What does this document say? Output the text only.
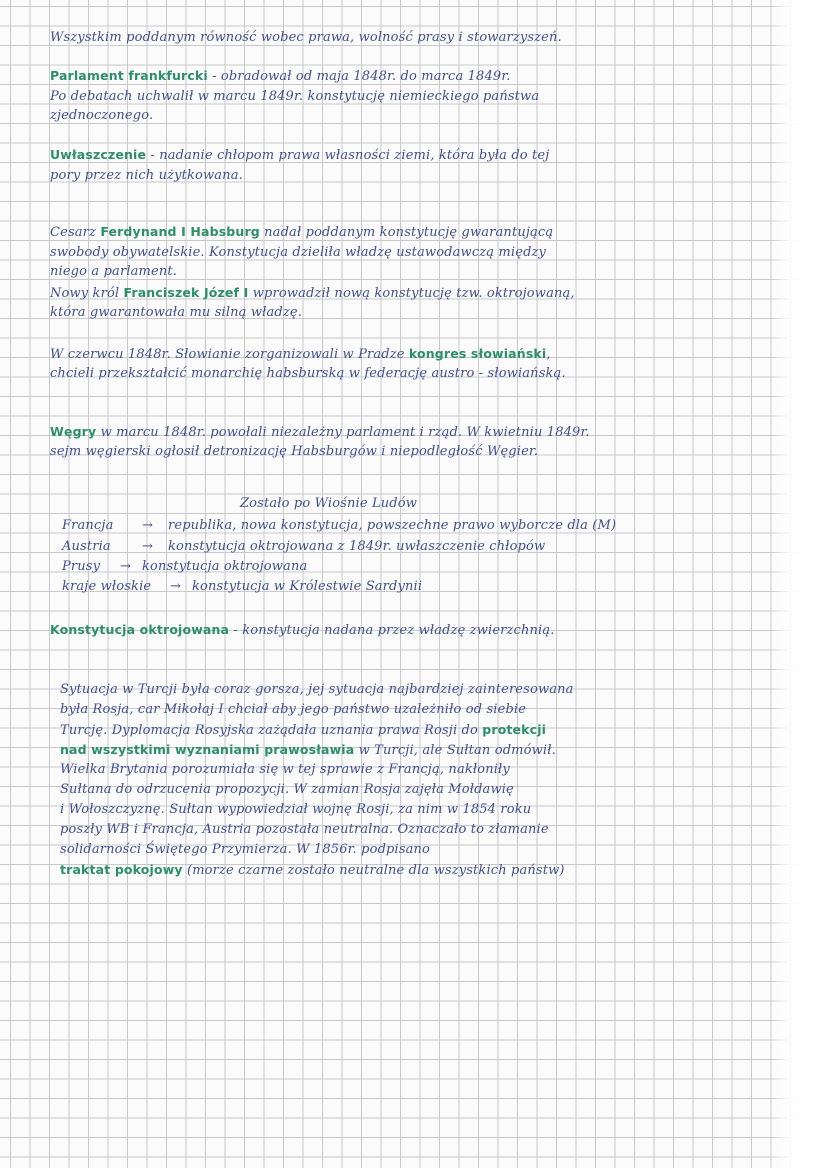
Wszystkim poddanym równość wobec prawa, wolność prasy i stowarzyszeń.
Parlament frankfurcki - obradował od maja 1848r. do marca 1849r.
Po debatach uchwalił w marcu 1849r. konstytucję niemieckiego państwa
zjednoczonego.
Uwłaszczenie - nadanie chłopom prawa własności ziemi, która była do tej
pory przez nich użytkowana.
Cesarz Ferdynand I Habsburg nadał poddanym konstytucję gwarantującą
swobody obywatelskie. Konstytucja dzieliła władzę ustawodawczą między
niego a parlament.
Nowy król Franciszek Józef I wprowadził nową konstytucję tzw. oktrojowaną,
która gwarantowała mu silną władzę.
W czerwcu 1848r. Słowianie zorganizowali w Pradze kongres słowiański,
chcieli przekształcić monarchię habsburską w federację austro - słowiańską.
Węgry w marcu 1848r. powołali niezależny parlament i rząd. W kwietniu 1849r.
sejm węgierski ogłosił detronizację Habsburgów i niepodległość Węgier.
Zostało po Wiośnie Ludów
Francja → republika, nowa konstytucja, powszechne prawo wyborcze dla (M)
Austria → konstytucja oktrojowana z 1849r. uwłaszczenie chłopów
Prusy → konstytucja oktrojowana
kraje włoskie → konstytucja w Królestwie Sardynii
Konstytucja oktrojowana - konstytucja nadana przez władzę zwierzchnią.
Sytuacja w Turcji była coraz gorsza, jej sytuacja najbardziej zainteresowana
była Rosja, car Mikołaj I chciał aby jego państwo uzależniło od siebie
Turcję. Dyplomacja Rosyjska zażądała uznania prawa Rosji do protekcji
nad wszystkimi wyznaniami prawosławia w Turcji, ale Sułtan odmówił.
Wielka Brytania porozumiała się w tej sprawie z Francją, nakłoniły
Sułtana do odrzucenia propozycji. W zamian Rosja zajęła Mołdawię
i Wołoszczyznę. Sułtan wypowiedział wojnę Rosji, za nim w 1854 roku
poszły WB i Francja, Austria pozostała neutralna. Oznaczało to złamanie
solidarności Świętego Przymierza. W 1856r. podpisano
traktat pokojowy (morze czarne zostało neutralne dla wszystkich państw)
